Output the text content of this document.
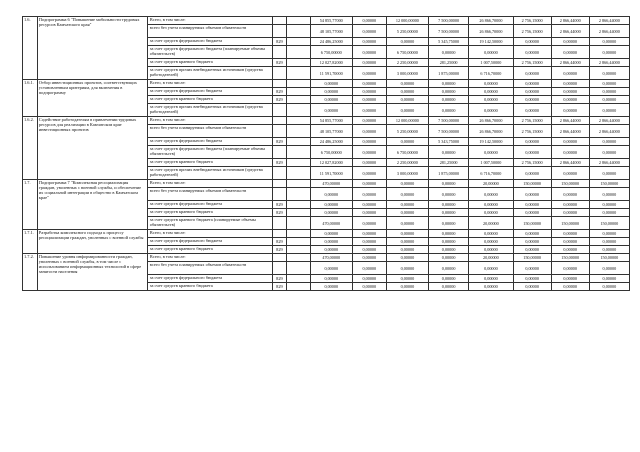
1.6.	Подпрограмма 6 "Повышение мобильности трудовых ресурсов Камчатского края"	Всего, в том числе:			54 855,77000	0,00000	12 000,00000	7 500,00000	26 866,70000	2 756,15000	2 866,44000	2 866,44000
		всего без учета планируемых объемов обязательств			48 105,77000	0,00000	5 250,00000	7 500,00000	26 866,70000	2 756,15000	2 866,44000	2 866,44000
		за счет средств федерального бюджета	829		24 486,25000	0,00000	0,00000	5 345,75000	19 142,50000	0,00000	0,00000	0,00000
		за счет средств федерального бюджета (планируемые объемы обязательств)			6 750,00000	0,00000	6 750,00000	0,00000	0,00000	0,00000	0,00000	0,00000
		за счет средств краевого бюджета	829		12 027,82000	0,00000	2 250,00000	281,25000	1 007,50000	2 756,15000	2 866,44000	2 866,44000
		за счет средств прочих внебюджетных источников (средства работодателей)			11 591,70000	0,00000	3 000,00000	1 875,00000	6 716,70000	0,00000	0,00000	0,00000
1.6.1.	Отбор инвестиционных проектов, соответствующих установленным критериям, для включения в подпрограмму	Всего, в том числе:			0,00000	0,00000	0,00000	0,00000	0,00000	0,00000	0,00000	0,00000
		за счет средств федерального бюджета	829		0,00000	0,00000	0,00000	0,00000	0,00000	0,00000	0,00000	0,00000
		за счет средств краевого бюджета	829		0,00000	0,00000	0,00000	0,00000	0,00000	0,00000	0,00000	0,00000
		за счет средств прочих внебюджетных источников (средства работодателей)			0,00000	0,00000	0,00000	0,00000	0,00000	0,00000	0,00000	0,00000
1.6.2.	Содействие работодателям в привлечении трудовых ресурсов для реализации в Камчатском крае инвестиционных проектов	Всего, в том числе:			54 855,77000	0,00000	12 000,00000	7 500,00000	26 866,70000	2 756,15000	2 866,44000	2 866,44000
		всего без учета планируемых объемов обязательств			48 105,77000	0,00000	5 250,00000	7 500,00000	26 866,70000	2 756,15000	2 866,44000	2 866,44000
		за счет средств федерального бюджета	829		24 486,25000	0,00000	0,00000	5 343,75000	19 142,50000	0,00000	0,00000	0,00000
		за счет средств федерального бюджета (планируемые объемы обязательств)			6 750,00000	0,00000	6 750,00000	0,00000	0,00000	0,00000	0,00000	0,00000
		за счет средств краевого бюджета	829		12 027,82000	0,00000	2 250,00000	281,25000	1 007,50000	2 756,15000	2 866,44000	2 866,44000
		за счет средств прочих внебюджетных источников (средства работодателей)			11 591,70000	0,00000	3 000,00000	1 875,00000	6 716,70000	0,00000	0,00000	0,00000
1.7.	Подпрограмма 7 "Комплексная ресоциализация граждан, уволенных с военной службы, и обеспечение их социальной интеграции в общество в Камчатском крае"	Всего, в том числе:			470,00000	0,00000	0,00000	0,00000	20,00000	150,00000	150,00000	150,00000
		всего без учета планируемых объемов обязательств			0,00000	0,00000	0,00000	0,00000	0,00000	0,00000	0,00000	0,00000
		за счет средств федерального бюджета	829		0,00000	0,00000	0,00000	0,00000	0,00000	0,00000	0,00000	0,00000
		за счет средств краевого бюджета	829		0,00000	0,00000	0,00000	0,00000	0,00000	0,00000	0,00000	0,00000
		за счет средств краевого бюджета (планируемые объемы обязательств)			470,00000	0,00000	0,00000	0,00000	20,00000	150,00000	150,00000	150,00000
1.7.1.	Разработка комплексного подхода к процессу ресоциализации граждан, уволенных с военной службы	Всего, в том числе:			0,00000	0,00000	0,00000	0,00000	0,00000	0,00000	0,00000	0,00000
		за счет средств федерального бюджета	829		0,00000	0,00000	0,00000	0,00000	0,00000	0,00000	0,00000	0,00000
		за счет средств краевого бюджета	829		0,00000	0,00000	0,00000	0,00000	0,00000	0,00000	0,00000	0,00000
1.7.2.	Повышение уровня информированности граждан, уволенных с военной службы, в том числе с использованием информационных технологий в сфере занятости населения	Всего, в том числе:			470,00000	0,00000	0,00000	0,00000	20,00000	150,00000	150,00000	150,00000
		всего без учета планируемых объемов обязательств			0,00000	0,00000	0,00000	0,00000	0,00000	0,00000	0,00000	0,00000
		за счет средств федерального бюджета	829		0,00000	0,00000	0,00000	0,00000	0,00000	0,00000	0,00000	0,00000
		за счет средств краевого бюджета	829		0,00000	0,00000	0,00000	0,00000	0,00000	0,00000	0,00000	0,00000
